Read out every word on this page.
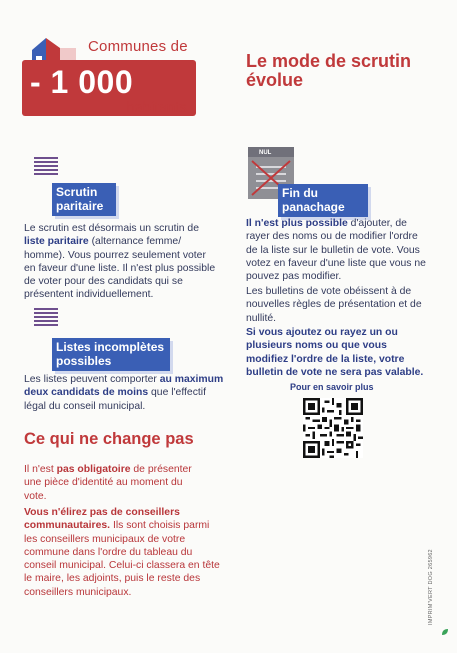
Communes de
- 1 000
habitants
Le mode de scrutin évolue
Scrutin paritaire
Le scrutin est désormais un scrutin de liste paritaire (alternance femme/ homme). Vous pourrez seulement voter en faveur d'une liste. Il n'est plus possible de voter pour des candidats qui se présentent individuellement.
Listes incomplètes possibles
Les listes peuvent comporter au maximum deux candidats de moins que l'effectif légal du conseil municipal.
Ce qui ne change pas
Il n'est pas obligatoire de présenter une pièce d'identité au moment du vote.
Vous n'élirez pas de conseillers communautaires. Ils sont choisis parmi les conseillers municipaux de votre commune dans l'ordre du tableau du conseil municipal. Celui-ci classera en tête le maire, les adjoints, puis le reste des conseillers municipaux.
NUL
Fin du panachage
Il n'est plus possible d'ajouter, de rayer des noms ou de modifier l'ordre de la liste sur le bulletin de vote. Vous votez en faveur d'une liste que vous ne pouvez pas modifier.
Les bulletins de vote obéissent à de nouvelles règles de présentation et de nullité.
Si vous ajoutez ou rayez un ou plusieurs noms ou que vous modifiez l'ordre de la liste, votre bulletin de vote ne sera pas valable.
Pour en savoir plus
IMPRIM'VERT DOG 265962
